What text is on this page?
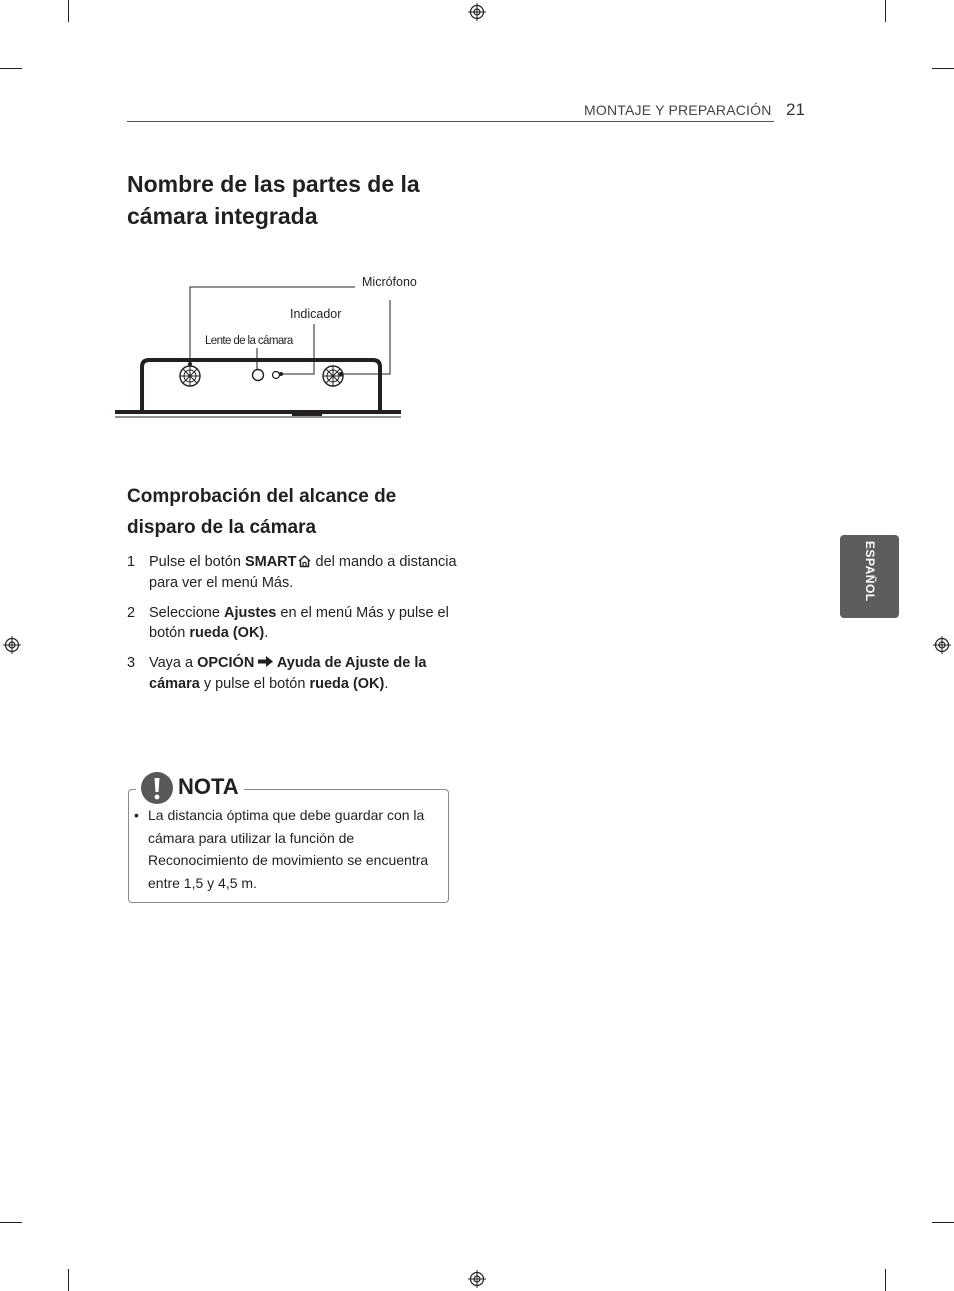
MONTAJE Y PREPARACIÓN 21
Nombre de las partes de la cámara integrada
Micrófono
Indicador
Lente de la cámara
Comprobación del alcance de disparo de la cámara
1 Pulse el botón SMART del mando a distancia para ver el menú Más.
2 Seleccione Ajustes en el menú Más y pulse el botón rueda (OK).
3 Vaya a OPCIÓN  Ayuda de Ajuste de la cámara y pulse el botón rueda (OK).
ESPAÑOL
NOTA
• La distancia óptima que debe guardar con la cámara para utilizar la función de Reconocimiento de movimiento se encuentra entre 1,5 y 4,5 m.
